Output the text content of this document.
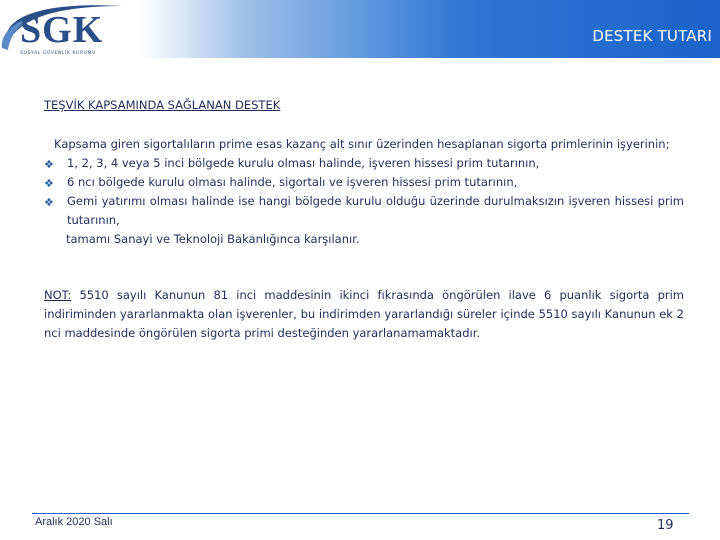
SGK
SOSYAL GÜVENLİK KURUMU
DESTEK TUTARI

TEŞVİK KAPSAMINDA SAĞLANAN DESTEK

Kapsama giren sigortalıların prime esas kazanç alt sınır üzerinden hesaplanan sigorta primlerinin işyerinin;

❖ 1, 2, 3, 4 veya 5 inci bölgede kurulu olması halinde, işveren hissesi prim tutarının,
❖ 6 ncı bölgede kurulu olması halinde, sigortalı ve işveren hissesi prim tutarının,
❖ Gemi yatırımı olması halinde ise hangi bölgede kurulu olduğu üzerinde durulmaksızın işveren hissesi prim tutarının,

tamamı Sanayi ve Teknoloji Bakanlığınca karşılanır.

NOT: 5510 sayılı Kanunun 81 inci maddesinin ikinci fıkrasında öngörülen ilave 6 puanlık sigorta prim indiriminden yararlanmakta olan işverenler, bu indirimden yararlandığı süreler içinde 5510 sayılı Kanunun ek 2 nci maddesinde öngörülen sigorta primi desteğinden yararlanamamaktadır.

Aralık 2020 Salı	19
